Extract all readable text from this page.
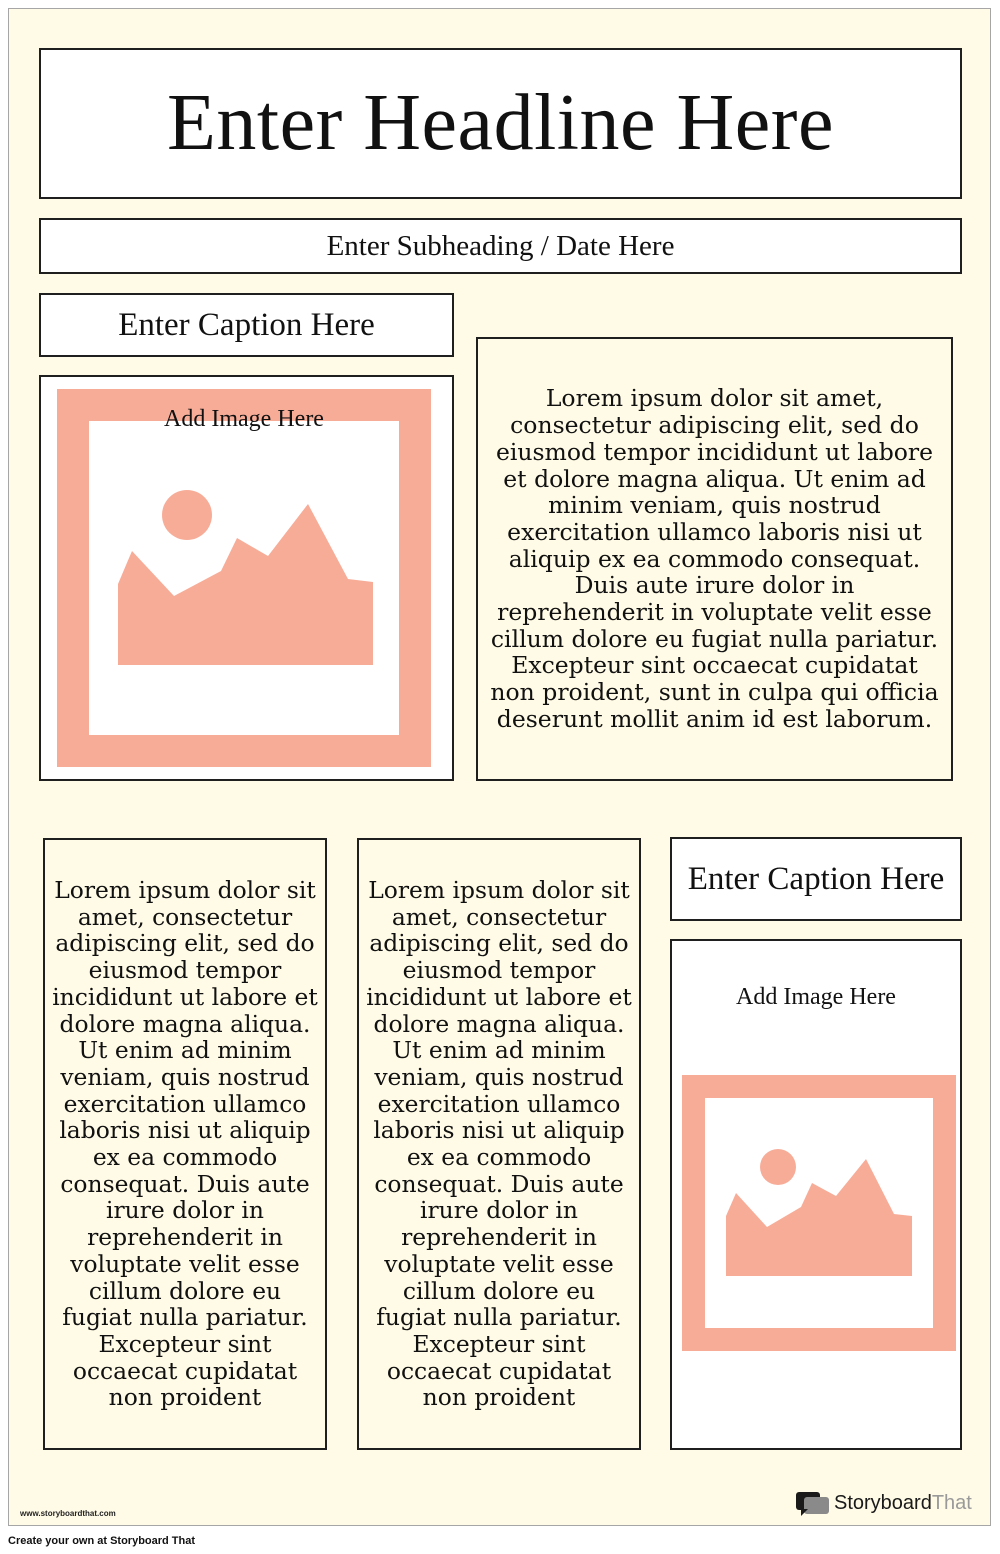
Enter Headline Here
Enter Subheading / Date Here
Enter Caption Here
Add Image Here

Lorem ipsum dolor sit amet, consectetur adipiscing elit, sed do eiusmod tempor incididunt ut labore et dolore magna aliqua. Ut enim ad minim veniam, quis nostrud exercitation ullamco laboris nisi ut aliquip ex ea commodo consequat. Duis aute irure dolor in reprehenderit in voluptate velit esse cillum dolore eu fugiat nulla pariatur. Excepteur sint occaecat cupidatat non proident, sunt in culpa qui officia deserunt mollit anim id est laborum.

Lorem ipsum dolor sit amet, consectetur adipiscing elit, sed do eiusmod tempor incididunt ut labore et dolore magna aliqua. Ut enim ad minim veniam, quis nostrud exercitation ullamco laboris nisi ut aliquip ex ea commodo consequat. Duis aute irure dolor in reprehenderit in voluptate velit esse cillum dolore eu fugiat nulla pariatur. Excepteur sint occaecat cupidatat non proident

Lorem ipsum dolor sit amet, consectetur adipiscing elit, sed do eiusmod tempor incididunt ut labore et dolore magna aliqua. Ut enim ad minim veniam, quis nostrud exercitation ullamco laboris nisi ut aliquip ex ea commodo consequat. Duis aute irure dolor in reprehenderit in voluptate velit esse cillum dolore eu fugiat nulla pariatur. Excepteur sint occaecat cupidatat non proident

Enter Caption Here
Add Image Here
www.storyboardthat.com	Storyboard That
Create your own at Storyboard That
